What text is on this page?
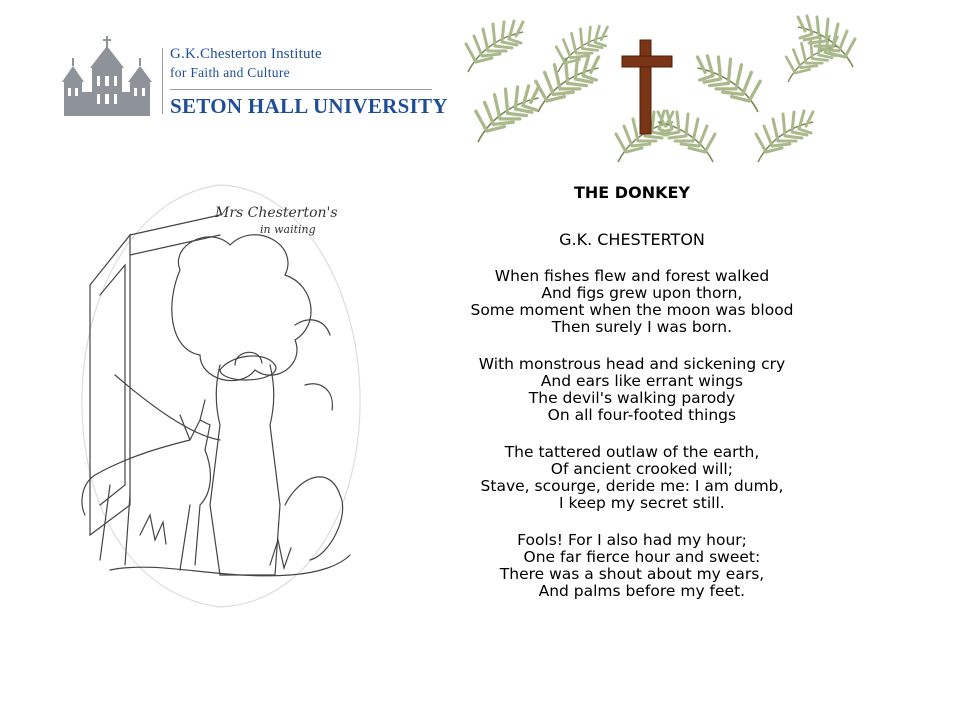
G.K.Chesterton Institute
for Faith and Culture
SETON HALL UNIVERSITY
Mrs Chesterton's
in waiting
THE DONKEY
G.K. CHESTERTON
When fishes flew and forest walked
And figs grew upon thorn,
Some moment when the moon was blood
Then surely I was born.
With monstrous head and sickening cry
And ears like errant wings
The devil's walking parody
On all four-footed things
The tattered outlaw of the earth,
Of ancient crooked will;
Stave, scourge, deride me: I am dumb,
I keep my secret still.
Fools! For I also had my hour;
One far fierce hour and sweet:
There was a shout about my ears,
And palms before my feet.
